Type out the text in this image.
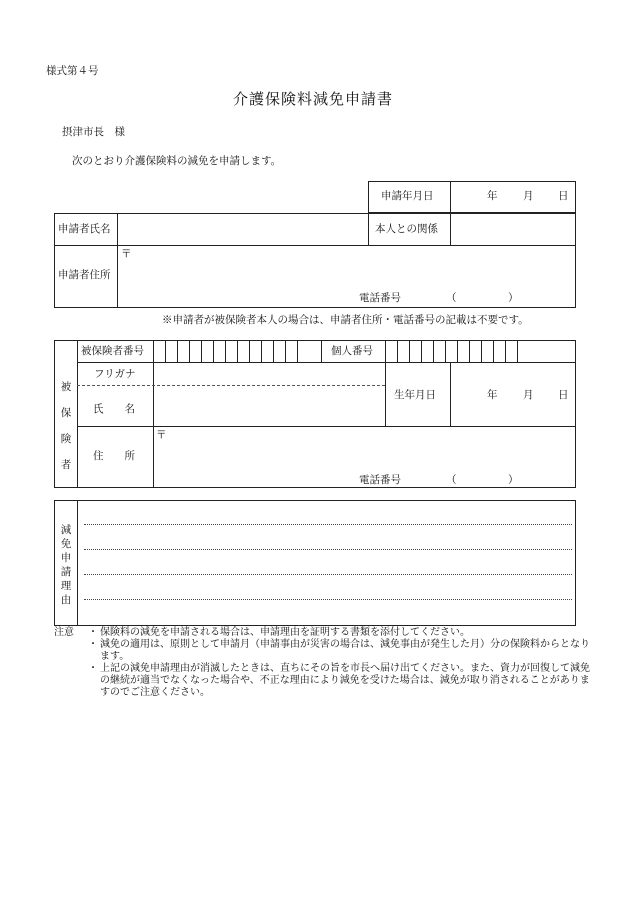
様式第４号
介護保険料減免申請書
摂津市長　様
次のとおり介護保険料の減免を申請します。
申請年月日	年 月 日
申請者氏名	本人との関係
申請者住所
〒
電話番号	（	）
※申請者が被保険者本人の場合は、申請者住所・電話番号の記載は不要です。
被保険者
被保険者番号	個人番号
フリガナ
氏　　名
生年月日	年 月 日
住　　所
〒
電話番号	（	）
減免申請理由
注意
・	保険料の減免を申請される場合は、申請理由を証明する書類を添付してください。
・ 減免の適用は、原則として申請月（申請事由が災害の場合は、減免事由が発生した月）分の保険料からとなります。
・ 上記の減免申請理由が消滅したときは、直ちにその旨を市長へ届け出てください。また、資力が回復して減免の継続が適当でなくなった場合や、不正な理由により減免を受けた場合は、減免が取り消されることがありますのでご注意ください。
